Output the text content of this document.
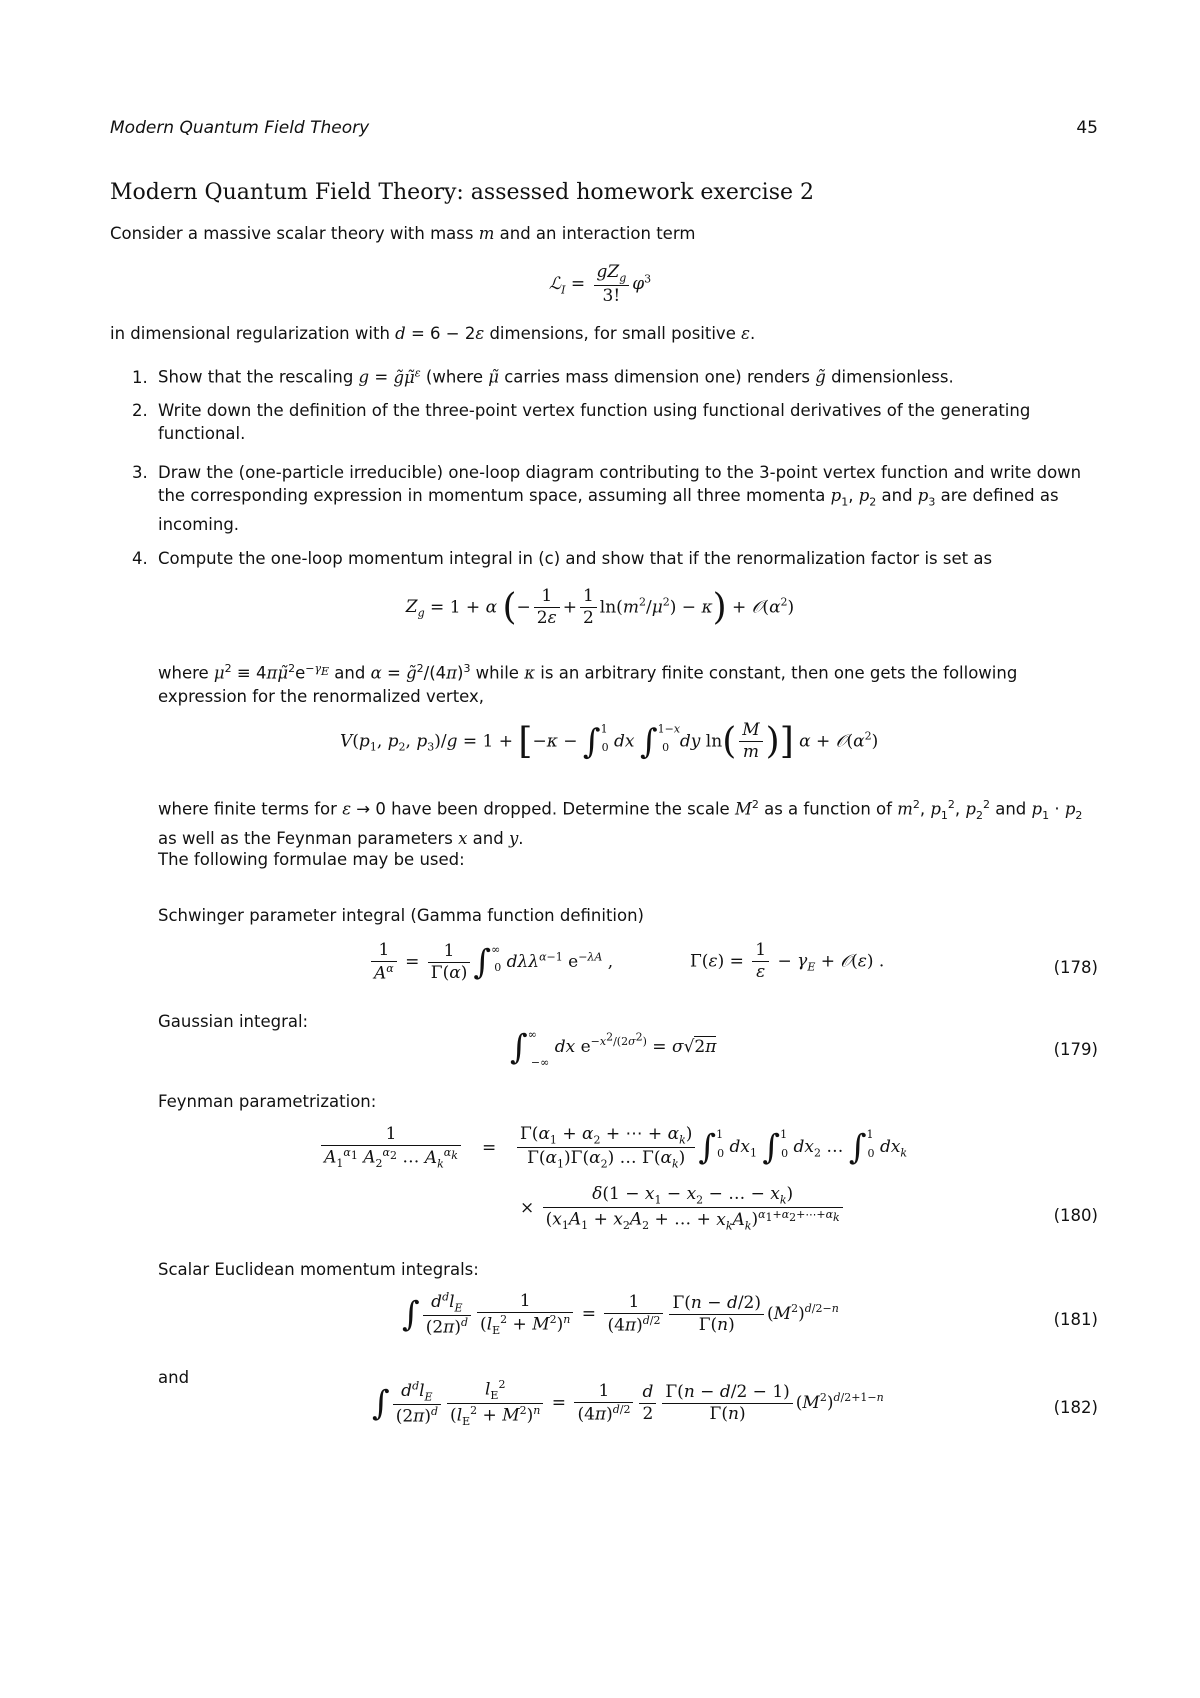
Modern Quantum Field Theory	45
Modern Quantum Field Theory: assessed homework exercise 2
Consider a massive scalar theory with mass m and an interaction term
ℒ$_I$ = $\frac{gZ_g}{3!} \varphi^3$
in dimensional regularization with d = 6 − 2ε dimensions, for small positive ε.
1. Show that the rescaling g = g̃μ̃$^\varepsilon$ (where μ̃ carries mass dimension one) renders g̃ dimensionless.
2. Write down the definition of the three-point vertex function using functional derivatives of the generating functional.
3. Draw the (one-particle irreducible) one-loop diagram contributing to the 3-point vertex function and write down the corresponding expression in momentum space, assuming all three momenta $p_1$, $p_2$ and $p_3$ are defined as incoming.
4. Compute the one-loop momentum integral in (c) and show that if the renormalization factor is set as
$Z_g = 1 + \alpha$ (− $\frac{1}{2\varepsilon} + \frac{1}{2} \ln(m^2/\mu^2) - \kappa$) + $𝒪(\alpha^2)$
where $\mu^2$ ≡ $4\pi\mũ^2e^{-\gamma_E}$ and $\alpha = g̃^2/(4\pi)^3$ while κ is an arbitrary finite constant, then one gets the following expression for the renormalized vertex,
$V(p_1$, $p_2$, $p_3)/g = 1 + [-\kappa - \int^1_0$ dx ∫$^{1-x}_0$ dy $\ln( \frac{M}{m}$ )] $\alpha + 𝒪(\alpha^2)$
where finite terms for ε → 0 have been dropped. Determine the scale $M^2$ as a function of $m^2$, $p_1^2$, $p_2^2$ and $p_1 \cdot p_2$ as well as the Feynman parameters x and y.
The following formulae may be used:
Schwinger parameter integral (Gamma function definition)
$\frac{1}{A^\alpha} = \frac{1}{\Gamma(\alpha)} \int^\infty_0$ dλλ$^{\alpha-1}$ $e^{-\lambda A}$ ,	$\Gamma(\varepsilon) = \frac{1}{\varepsilon} - \gamma_E$ + 𝒪(ε) .	(178)
Gaussian integral:
$\int^\infty_{-\infty}$ dx $e^{-x^2/(2\sigma^2)} = \sigma√2\pi$	(179)
Feynman parametrization:
$\frac{1}{A_1^{\alpha_1} A_2^{\alpha_2} \dots A_k^{\alpha_k}} = \frac{\Gamma(\alpha_1 + \alpha_2 + \cdots + \alpha_k)}{\Gamma(\alpha_1)\Gamma(\alpha_2) \dots \Gamma(\alpha_k)} \int^1_0$ $dx_1$ ∫$^1_0$ $dx_2$ … ∫$^1_0$ $dx_k$
× $\frac{\delta(1 - x_1 - x_2 - \dots - x_k)}{(x_1A_1 + x_2A_2 + \dots + x_kA_k)^{\alpha_1+\alpha_2+\cdots+\alpha_k}}$	(180)
Scalar Euclidean momentum integrals:
∫ $\frac{d^dl_E}{(2\pi)^d} \frac{1}{(l_E^2 + M^2)^n} = \frac{1}{(4\pi)^{d/2}} \frac{\Gamma(n - d/2)}{\Gamma(n)} (M^2)^{d/2-n}$
(181)
and
∫ $\frac{d^dl_E}{(2\pi)^d} \frac{l_E^2}{(l_E^2 + M^2)^n} = \frac{1}{(4\pi)^{d/2}} \frac{d}{2} \frac{\Gamma(n - d/2 - 1)}{\Gamma(n)} (M^2)^{d/2+1-n}$
(182)
